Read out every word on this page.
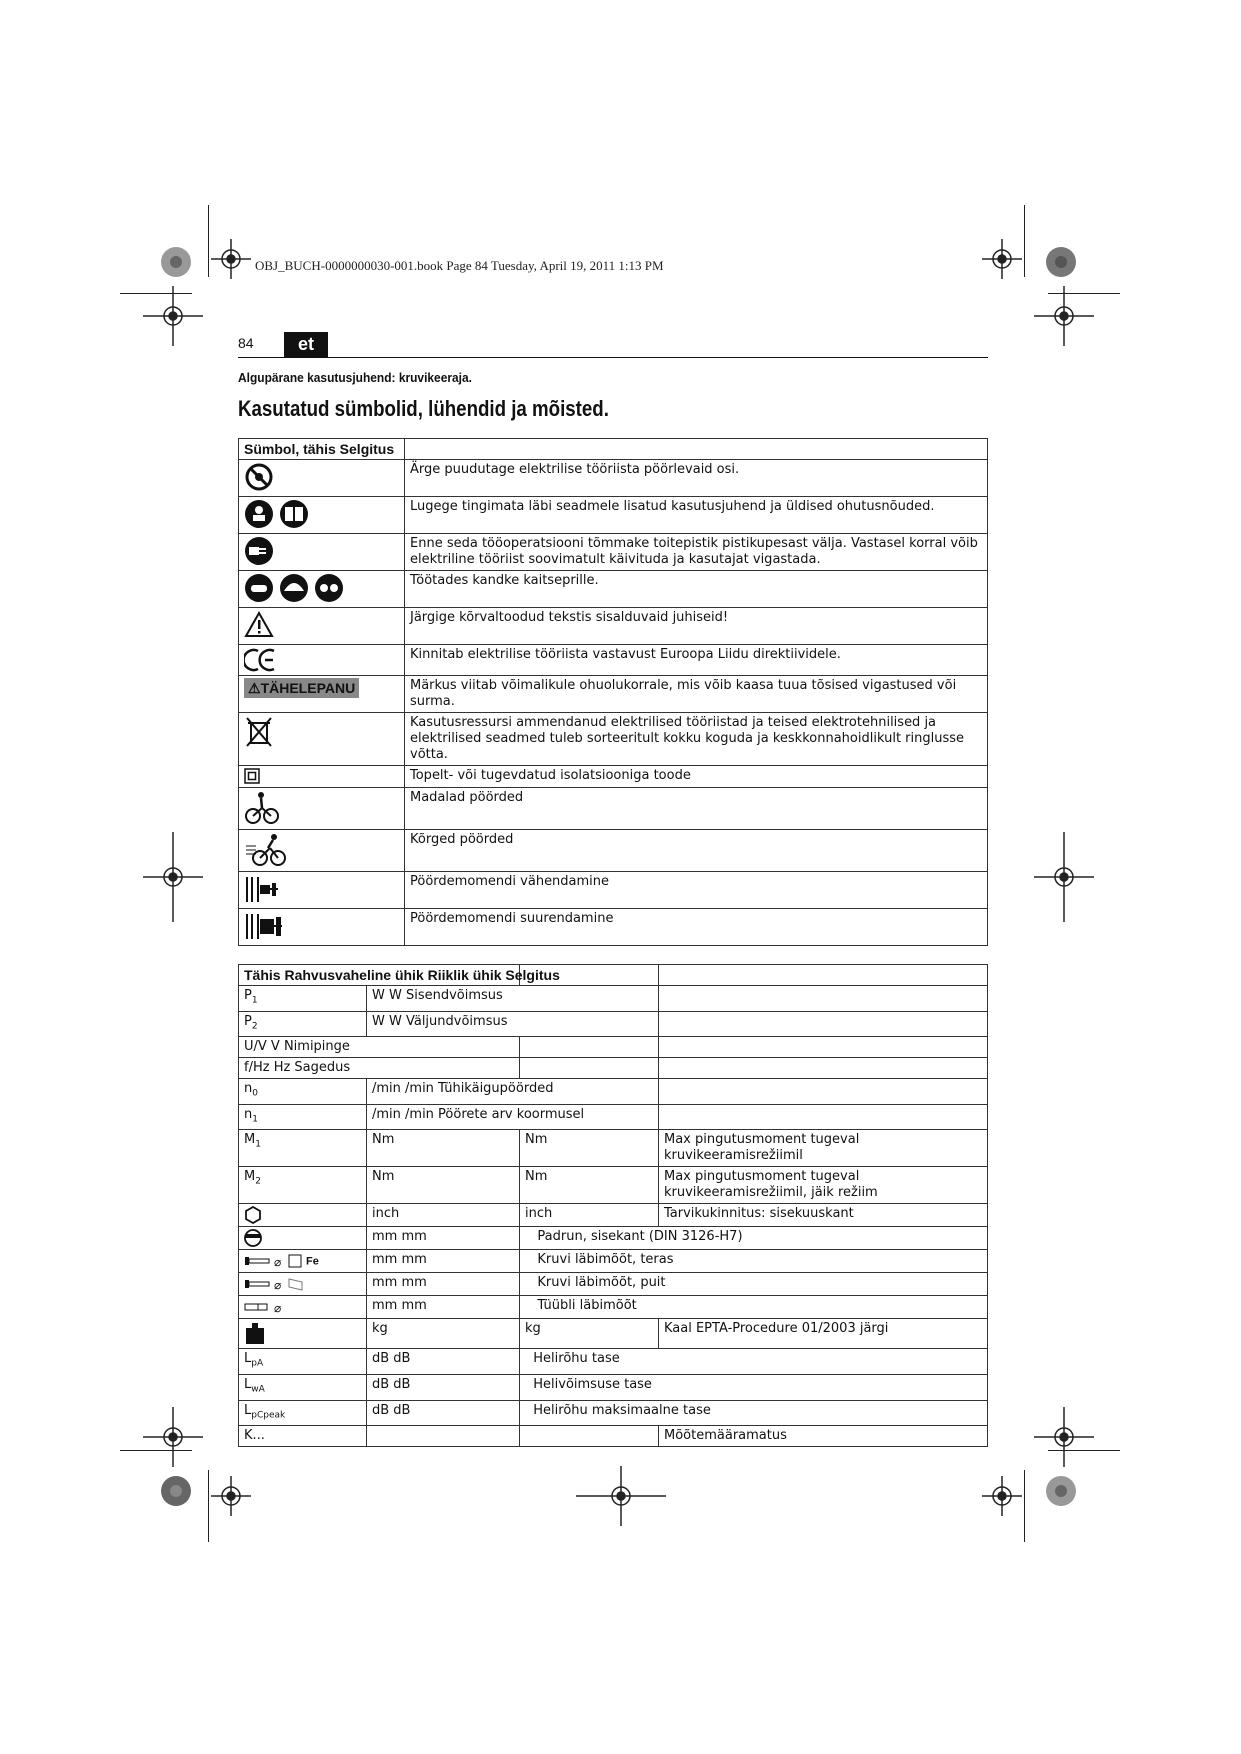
OBJ_BUCH-0000000030-001.book Page 84 Tuesday, April 19, 2011 1:13 PM
84	et
Algupärane kasutusjuhend: kruvikeeraja.
Kasutatud sümbolid, lühendid ja mõisted.
Sümbol, tähis Selgitus	
	Ärge puudutage elektrilise tööriista pöörlevaid osi.
	Lugege tingimata läbi seadmele lisatud kasutusjuhend ja üldised ohutusnõuded.
	Enne seda tööoperatsiooni tõmmake toitepistik pistikupesast välja. Vastasel korral võib elektriline tööriist soovimatult käivituda ja kasutajat vigastada.
	Töötades kandke kaitseprille.
	Järgige kõrvaltoodud tekstis sisalduvaid juhiseid!
	Kinnitab elektrilise tööriista vastavust Euroopa Liidu direktiividele.
⚠TÄHELEPANU	Märkus viitab võimalikule ohuolukorrale, mis võib kaasa tuua tõsised vigastused või surma.
	Kasutusressursi ammendanud elektrilised tööriistad ja teised elektrotehnilised ja elektrilised seadmed tuleb sorteeritult kokku koguda ja keskkonnahoidlikult ringlusse võtta.
	Topelt- või tugevdatud isolatsiooniga toode
	Madalad pöörded
	Kõrged pöörded
	Pöördemomendi vähendamine
	Pöördemomendi suurendamine
Tähis Rahvusvaheline ühik Riiklik ühik Selgitus			
$P_1$	W W Sisendvõimsus		
$P_2$	W W Väljundvõimsus		
U/V V Nimipinge			
f/Hz Hz Sagedus			
$n_0$	/min /min Tühikäigupöörded		
$n_1$	/min /min Pöörete arv koormusel		
$M_1$	Nm	Nm	Max pingutusmoment tugeval kruvikeeramisrežiimil
$M_2$	Nm	Nm	Max pingutusmoment tugeval kruvikeeramisrežiimil, jäik režiim
	inch	inch	Tarvikukinnitus: sisekuuskant
	mm mm	Padrun, sisekant (DIN 3126-H7)	

⌀ Fe	mm mm	Kruvi läbimõõt, teras	

⌀	mm mm	Kruvi läbimõõt, puit	

⌀	mm mm	Tüübli läbimõõt	
	kg	kg	Kaal EPTA-Procedure 01/2003 järgi
$L_{pA}$	dB dB	Helirõhu tase	
$L_{wA}$	dB dB	Helivõimsuse tase	
$L_{pCpeak}$	dB dB	Helirõhu maksimaalne tase	
K...			Mõõtemääramatus
